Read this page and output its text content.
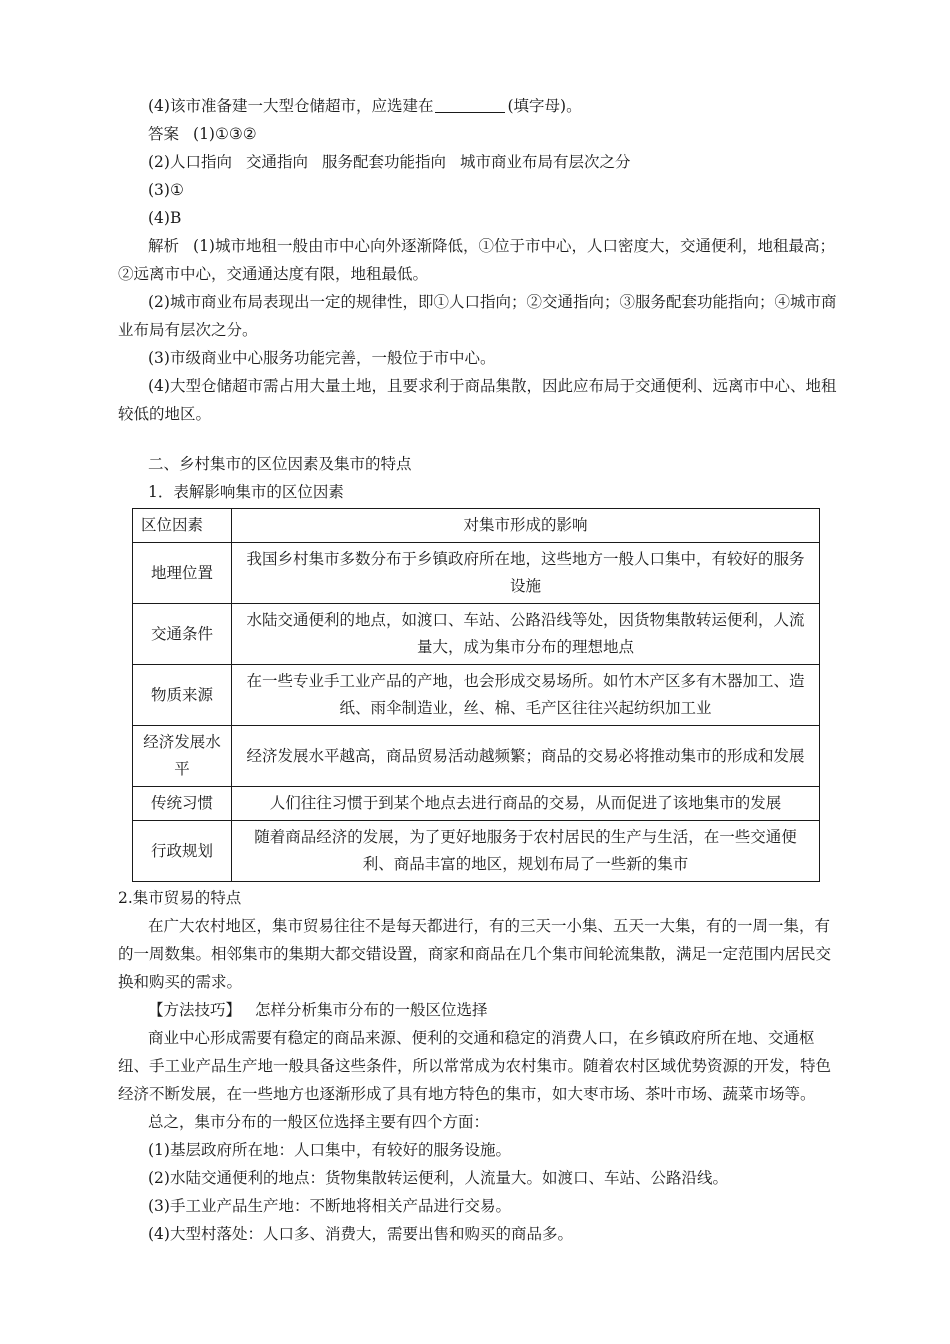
(4)该市准备建一大型仓储超市，应选建在	(填字母)。

答案 (1)①③②

(2)人口指向 交通指向 服务配套功能指向 城市商业布局有层次之分

(3)①

(4)B

解析 (1)城市地租一般由市中心向外逐渐降低，①位于市中心，人口密度大，交通便利，地租最高；②远离市中心，交通通达度有限，地租最低。

(2)城市商业布局表现出一定的规律性，即①人口指向；②交通指向；③服务配套功能指向；④城市商业布局有层次之分。

(3)市级商业中心服务功能完善，一般位于市中心。

(4)大型仓储超市需占用大量土地，且要求利于商品集散，因此应布局于交通便利、远离市中心、地租较低的地区。

二、乡村集市的区位因素及集市的特点

1．表解影响集市的区位因素

区位因素	对集市形成的影响
地理位置	我国乡村集市多数分布于乡镇政府所在地，这些地方一般人口集中，有较好的服务设施
交通条件	水陆交通便利的地点，如渡口、车站、公路沿线等处，因货物集散转运便利，人流量大，成为集市分布的理想地点
物质来源	在一些专业手工业产品的产地，也会形成交易场所。如竹木产区多有木器加工、造纸、雨伞制造业，丝、棉、毛产区往往兴起纺织加工业
经济发展水平	经济发展水平越高，商品贸易活动越频繁；商品的交易必将推动集市的形成和发展
传统习惯	人们往往习惯于到某个地点去进行商品的交易，从而促进了该地集市的发展
行政规划	随着商品经济的发展，为了更好地服务于农村居民的生产与生活，在一些交通便利、商品丰富的地区，规划布局了一些新的集市

2.集市贸易的特点

在广大农村地区，集市贸易往往不是每天都进行，有的三天一小集、五天一大集，有的一周一集，有的一周数集。相邻集市的集期大都交错设置，商家和商品在几个集市间轮流集散，满足一定范围内居民交换和购买的需求。

【方法技巧】 怎样分析集市分布的一般区位选择

商业中心形成需要有稳定的商品来源、便利的交通和稳定的消费人口，在乡镇政府所在地、交通枢纽、手工业产品生产地一般具备这些条件，所以常常成为农村集市。随着农村区域优势资源的开发，特色经济不断发展，在一些地方也逐渐形成了具有地方特色的集市，如大枣市场、茶叶市场、蔬菜市场等。

总之，集市分布的一般区位选择主要有四个方面：

(1)基层政府所在地：人口集中，有较好的服务设施。

(2)水陆交通便利的地点：货物集散转运便利，人流量大。如渡口、车站、公路沿线。

(3)手工业产品生产地：不断地将相关产品进行交易。

(4)大型村落处：人口多、消费大，需要出售和购买的商品多。
